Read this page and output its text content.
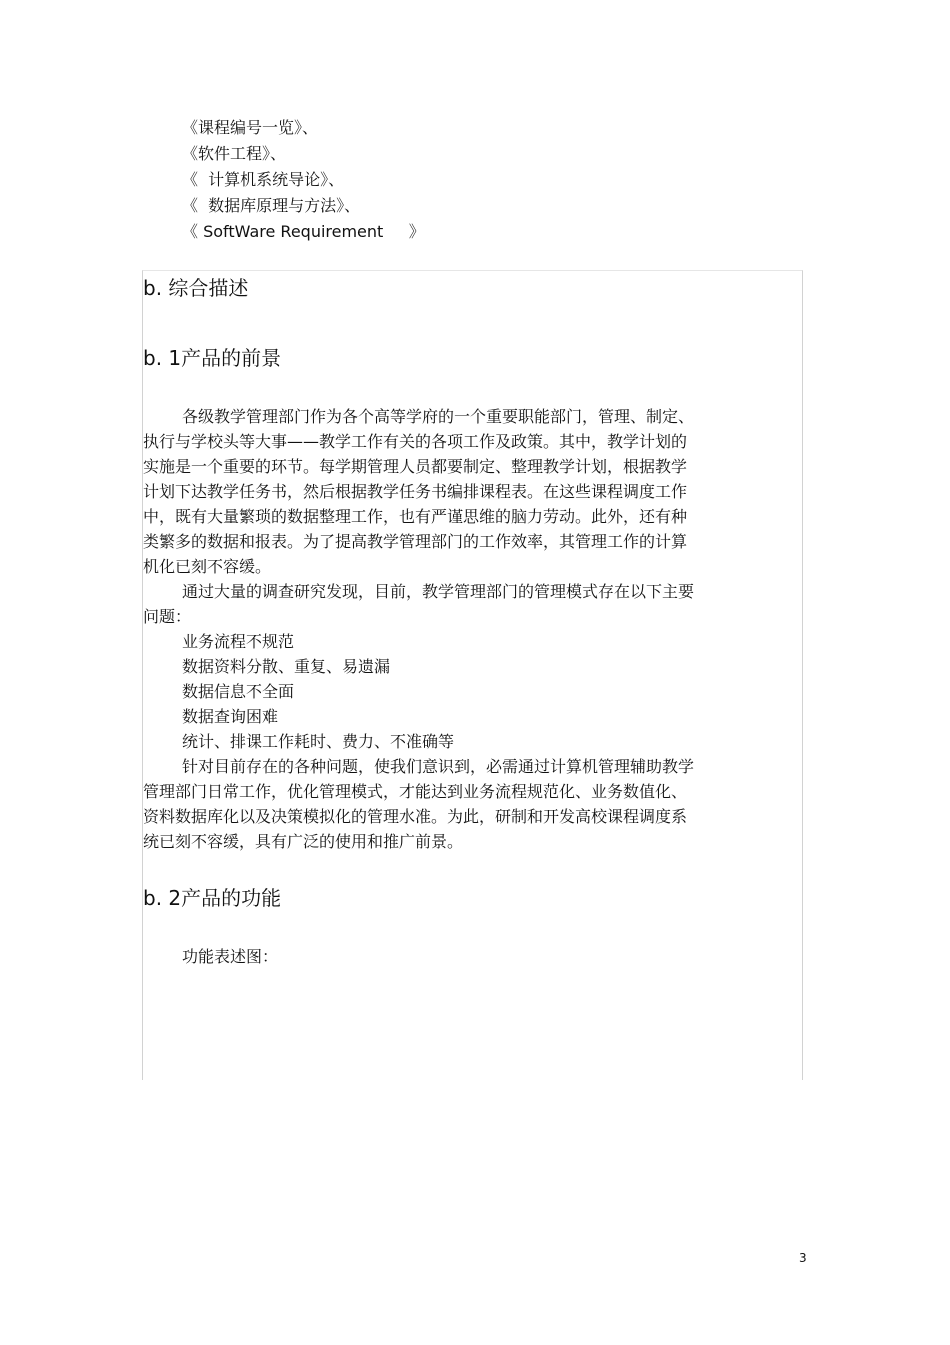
《课程编号一览》、
《软件工程》、
《  计算机系统导论》、
《  数据库原理与方法》、
《 SoftWare Requirement     》
b. 综合描述
b. 1产品的前景
各级教学管理部门作为各个高等学府的一个重要职能部门，管理、制定、
执行与学校头等大事——教学工作有关的各项工作及政策。其中，教学计划的
实施是一个重要的环节。每学期管理人员都要制定、整理教学计划，根据教学
计划下达教学任务书，然后根据教学任务书编排课程表。在这些课程调度工作
中，既有大量繁琐的数据整理工作，也有严谨思维的脑力劳动。此外，还有种
类繁多的数据和报表。为了提高教学管理部门的工作效率，其管理工作的计算
机化已刻不容缓。
通过大量的调查研究发现，目前，教学管理部门的管理模式存在以下主要
问题：
业务流程不规范
数据资料分散、重复、易遗漏
数据信息不全面
数据查询困难
统计、排课工作耗时、费力、不准确等
针对目前存在的各种问题，使我们意识到，必需通过计算机管理辅助教学
管理部门日常工作，优化管理模式，才能达到业务流程规范化、业务数值化、
资料数据库化以及决策模拟化的管理水准。为此，研制和开发高校课程调度系
统已刻不容缓，具有广泛的使用和推广前景。
b. 2产品的功能
功能表述图：
3
